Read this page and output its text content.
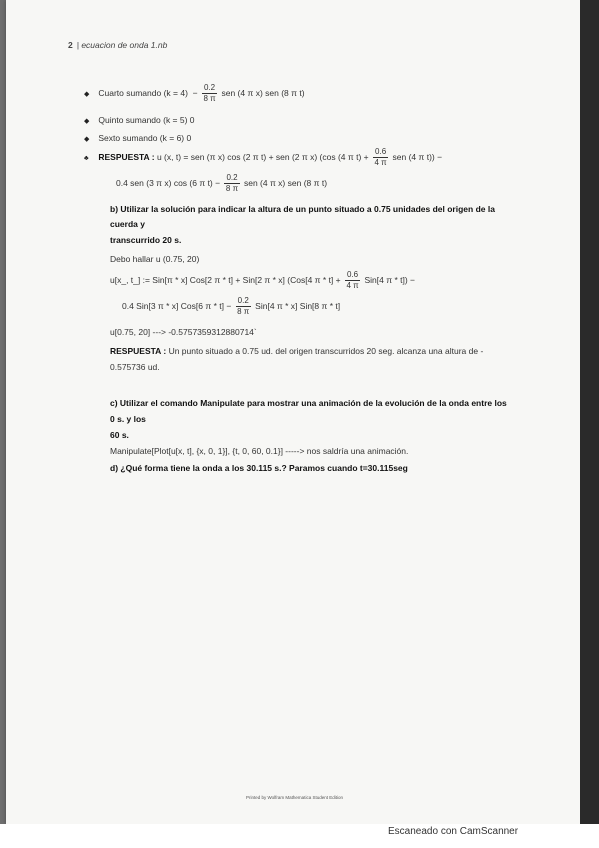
2 | ecuacion de onda 1.nb
◆ Cuarto sumando $(k = 4) - \frac{0.2}{8 \pi}$ sen (4 π x) sen (8 π t)
◆ Quinto sumando (k = 5) 0
◆ Sexto sumando (k = 6) 0
♣ RESPUESTA : u (x, t) = sen (π x) cos (2 π t) + sen (2 π x) (cos (4 π $t) + \frac{0.6}{4 \pi}$ sen (4 π t)) −
0.4 sen (3 π x) cos (6 π $t) - \frac{0.2}{8 \pi}$ sen (4 π x) sen (8 π t)
b) Utilizar la solución para indicar la altura de un punto situado a 0.75 unidades del origen de la
cuerda y
transcurrido 20 s.
Debo hallar u (0.75, 20)
u[x_, t_] := Sin[π * x] Cos[2 π * t] + Sin[2 π * x] (Cos[4 $\pi * t] + \frac{0.6}{4 \pi} Sin[4$ π * t]) −
0.4 Sin[3 π * x] Cos[6 $\pi * t] - \frac{0.2}{8 \pi} Sin[4$ π * x] Sin[8 π * t]
u[0.75, 20] ---> -0.5757359312880714`
RESPUESTA : Un punto situado a 0.75 ud. del origen transcurridos 20 seg. alcanza una altura de -
0.575736 ud.
c) Utilizar el comando Manipulate para mostrar una animación de la evolución de la onda entre los
0 s. y los
60 s.
Manipulate[Plot[u[x, t], {x, 0, 1}], {t, 0, 60, 0.1}] -----> nos saldría una animación.
d) ¿Qué forma tiene la onda a los 30.115 s.? Paramos cuando t=30.115seg
Printed by Wolfram Mathematica Student Edition
Escaneado con CamScanner
